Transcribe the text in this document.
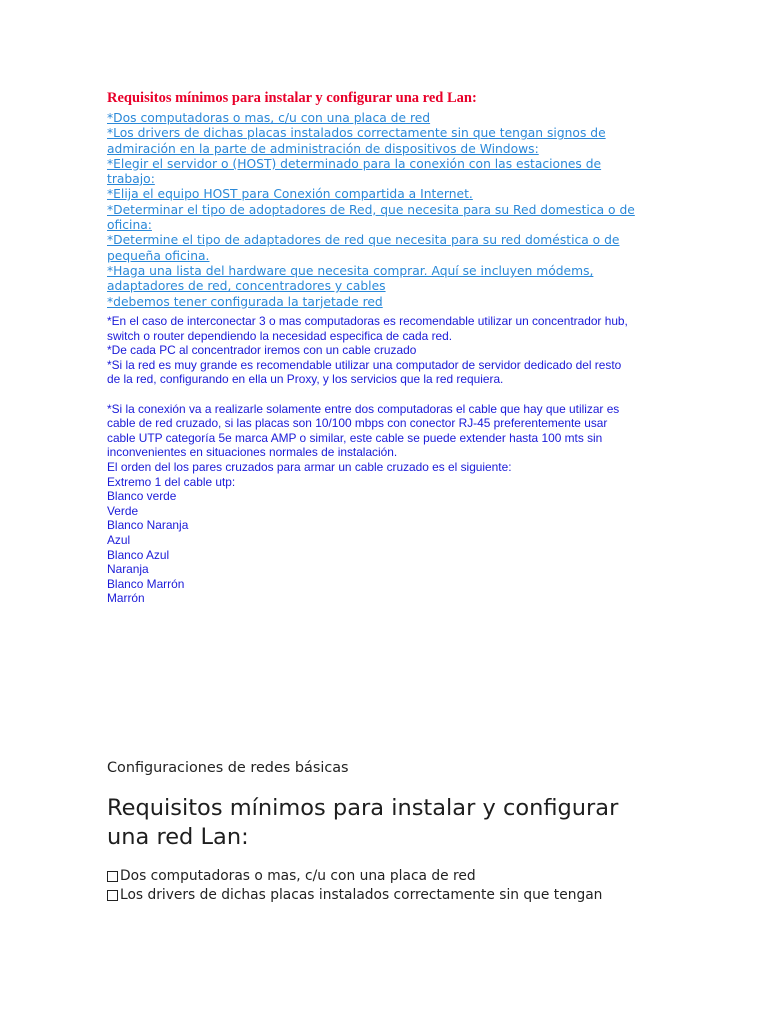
Requisitos mínimos para instalar y configurar una red Lan:
*Dos computadoras o mas, c/u con una placa de red
*Los drivers de dichas placas instalados correctamente sin que tengan signos de
admiración en la parte de administración de dispositivos de Windows:
*Elegir el servidor o (HOST) determinado para la conexión con las estaciones de
trabajo:
*Elija el equipo HOST para Conexión compartida a Internet.
*Determinar el tipo de adoptadores de Red, que necesita para su Red domestica o de
oficina:
*Determine el tipo de adaptadores de red que necesita para su red doméstica o de
pequeña oficina.
*Haga una lista del hardware que necesita comprar. Aquí se incluyen módems,
adaptadores de red, concentradores y cables
*debemos tener configurada la tarjetade red

*En el caso de interconectar 3 o mas computadoras es recomendable utilizar un concentrador hub,

switch o router dependiendo la necesidad especifica de cada red.

*De cada PC al concentrador iremos con un cable cruzado

*Si la red es muy grande es recomendable utilizar una computador de servidor dedicado del resto

de la red, configurando en ella un Proxy, y los servicios que la red requiera.

*Si la conexión va a realizarle solamente entre dos computadoras el cable que hay que utilizar es

cable de red cruzado, si las placas son 10/100 mbps con conector RJ-45 preferentemente usar

cable UTP categoría 5e marca AMP o similar, este cable se puede extender hasta 100 mts sin

inconvenientes en situaciones normales de instalación.

El orden del los pares cruzados para armar un cable cruzado es el siguiente:

Extremo 1 del cable utp:

Blanco verde

Verde

Blanco Naranja

Azul

Blanco Azul

Naranja

Blanco Marrón

Marrón

Configuraciones de redes básicas
Requisitos mínimos para instalar y configurar
una red Lan:
Dos computadoras o mas, c/u con una placa de red
Los drivers de dichas placas instalados correctamente sin que tengan
